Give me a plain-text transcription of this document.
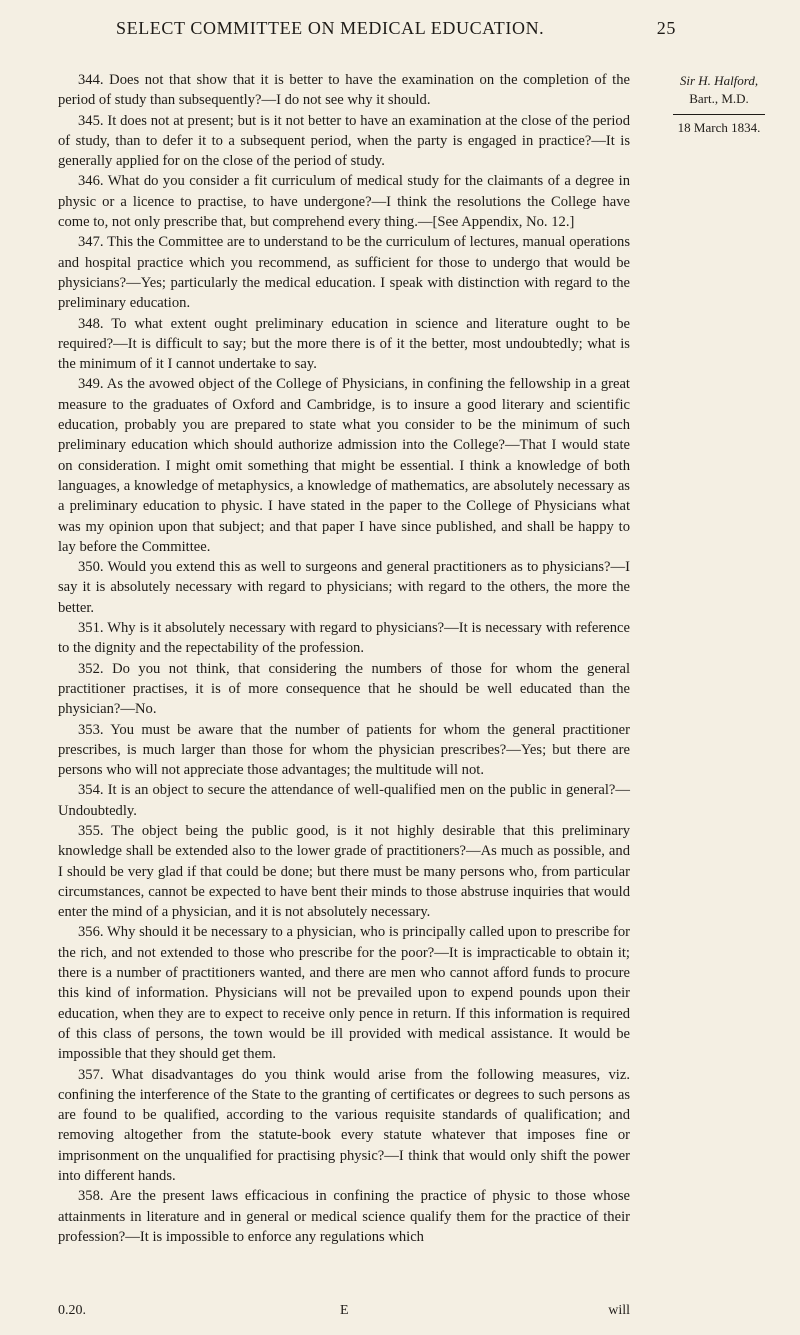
SELECT COMMITTEE ON MEDICAL EDUCATION.	25
Sir H. Halford,
Bart., M.D.
18 March 1834.

344. Does not that show that it is better to have the examination on the completion of the period of study than subsequently?—I do not see why it should.

345. It does not at present; but is it not better to have an examination at the close of the period of study, than to defer it to a subsequent period, when the party is engaged in practice?—It is generally applied for on the close of the period of study.

346. What do you consider a fit curriculum of medical study for the claimants of a degree in physic or a licence to practise, to have undergone?—I think the resolutions the College have come to, not only prescribe that, but comprehend every thing.—[See Appendix, No. 12.]

347. This the Committee are to understand to be the curriculum of lectures, manual operations and hospital practice which you recommend, as sufficient for those to undergo that would be physicians?—Yes; particularly the medical education. I speak with distinction with regard to the preliminary education.

348. To what extent ought preliminary education in science and literature ought to be required?—It is difficult to say; but the more there is of it the better, most undoubtedly; what is the minimum of it I cannot undertake to say.

349. As the avowed object of the College of Physicians, in confining the fellowship in a great measure to the graduates of Oxford and Cambridge, is to insure a good literary and scientific education, probably you are prepared to state what you consider to be the minimum of such preliminary education which should authorize admission into the College?—That I would state on consideration. I might omit something that might be essential. I think a knowledge of both languages, a knowledge of metaphysics, a knowledge of mathematics, are absolutely necessary as a preliminary education to physic. I have stated in the paper to the College of Physicians what was my opinion upon that subject; and that paper I have since published, and shall be happy to lay before the Committee.

350. Would you extend this as well to surgeons and general practitioners as to physicians?—I say it is absolutely necessary with regard to physicians; with regard to the others, the more the better.

351. Why is it absolutely necessary with regard to physicians?—It is necessary with reference to the dignity and the repectability of the profession.

352. Do you not think, that considering the numbers of those for whom the general practitioner practises, it is of more consequence that he should be well educated than the physician?—No.

353. You must be aware that the number of patients for whom the general practitioner prescribes, is much larger than those for whom the physician prescribes?—Yes; but there are persons who will not appreciate those advantages; the multitude will not.

354. It is an object to secure the attendance of well-qualified men on the public in general?—Undoubtedly.

355. The object being the public good, is it not highly desirable that this preliminary knowledge shall be extended also to the lower grade of practitioners?—As much as possible, and I should be very glad if that could be done; but there must be many persons who, from particular circumstances, cannot be expected to have bent their minds to those abstruse inquiries that would enter the mind of a physician, and it is not absolutely necessary.

356. Why should it be necessary to a physician, who is principally called upon to prescribe for the rich, and not extended to those who prescribe for the poor?—It is impracticable to obtain it; there is a number of practitioners wanted, and there are men who cannot afford funds to procure this kind of information. Physicians will not be prevailed upon to expend pounds upon their education, when they are to expect to receive only pence in return. If this information is required of this class of persons, the town would be ill provided with medical assistance. It would be impossible that they should get them.

357. What disadvantages do you think would arise from the following measures, viz. confining the interference of the State to the granting of certificates or degrees to such persons as are found to be qualified, according to the various requisite standards of qualification; and removing altogether from the statute-book every statute whatever that imposes fine or imprisonment on the unqualified for practising physic?—I think that would only shift the power into different hands.

358. Are the present laws efficacious in confining the practice of physic to those whose attainments in literature and in general or medical science qualify them for the practice of their profession?—It is impossible to enforce any regulations which

0.20.	E	will
